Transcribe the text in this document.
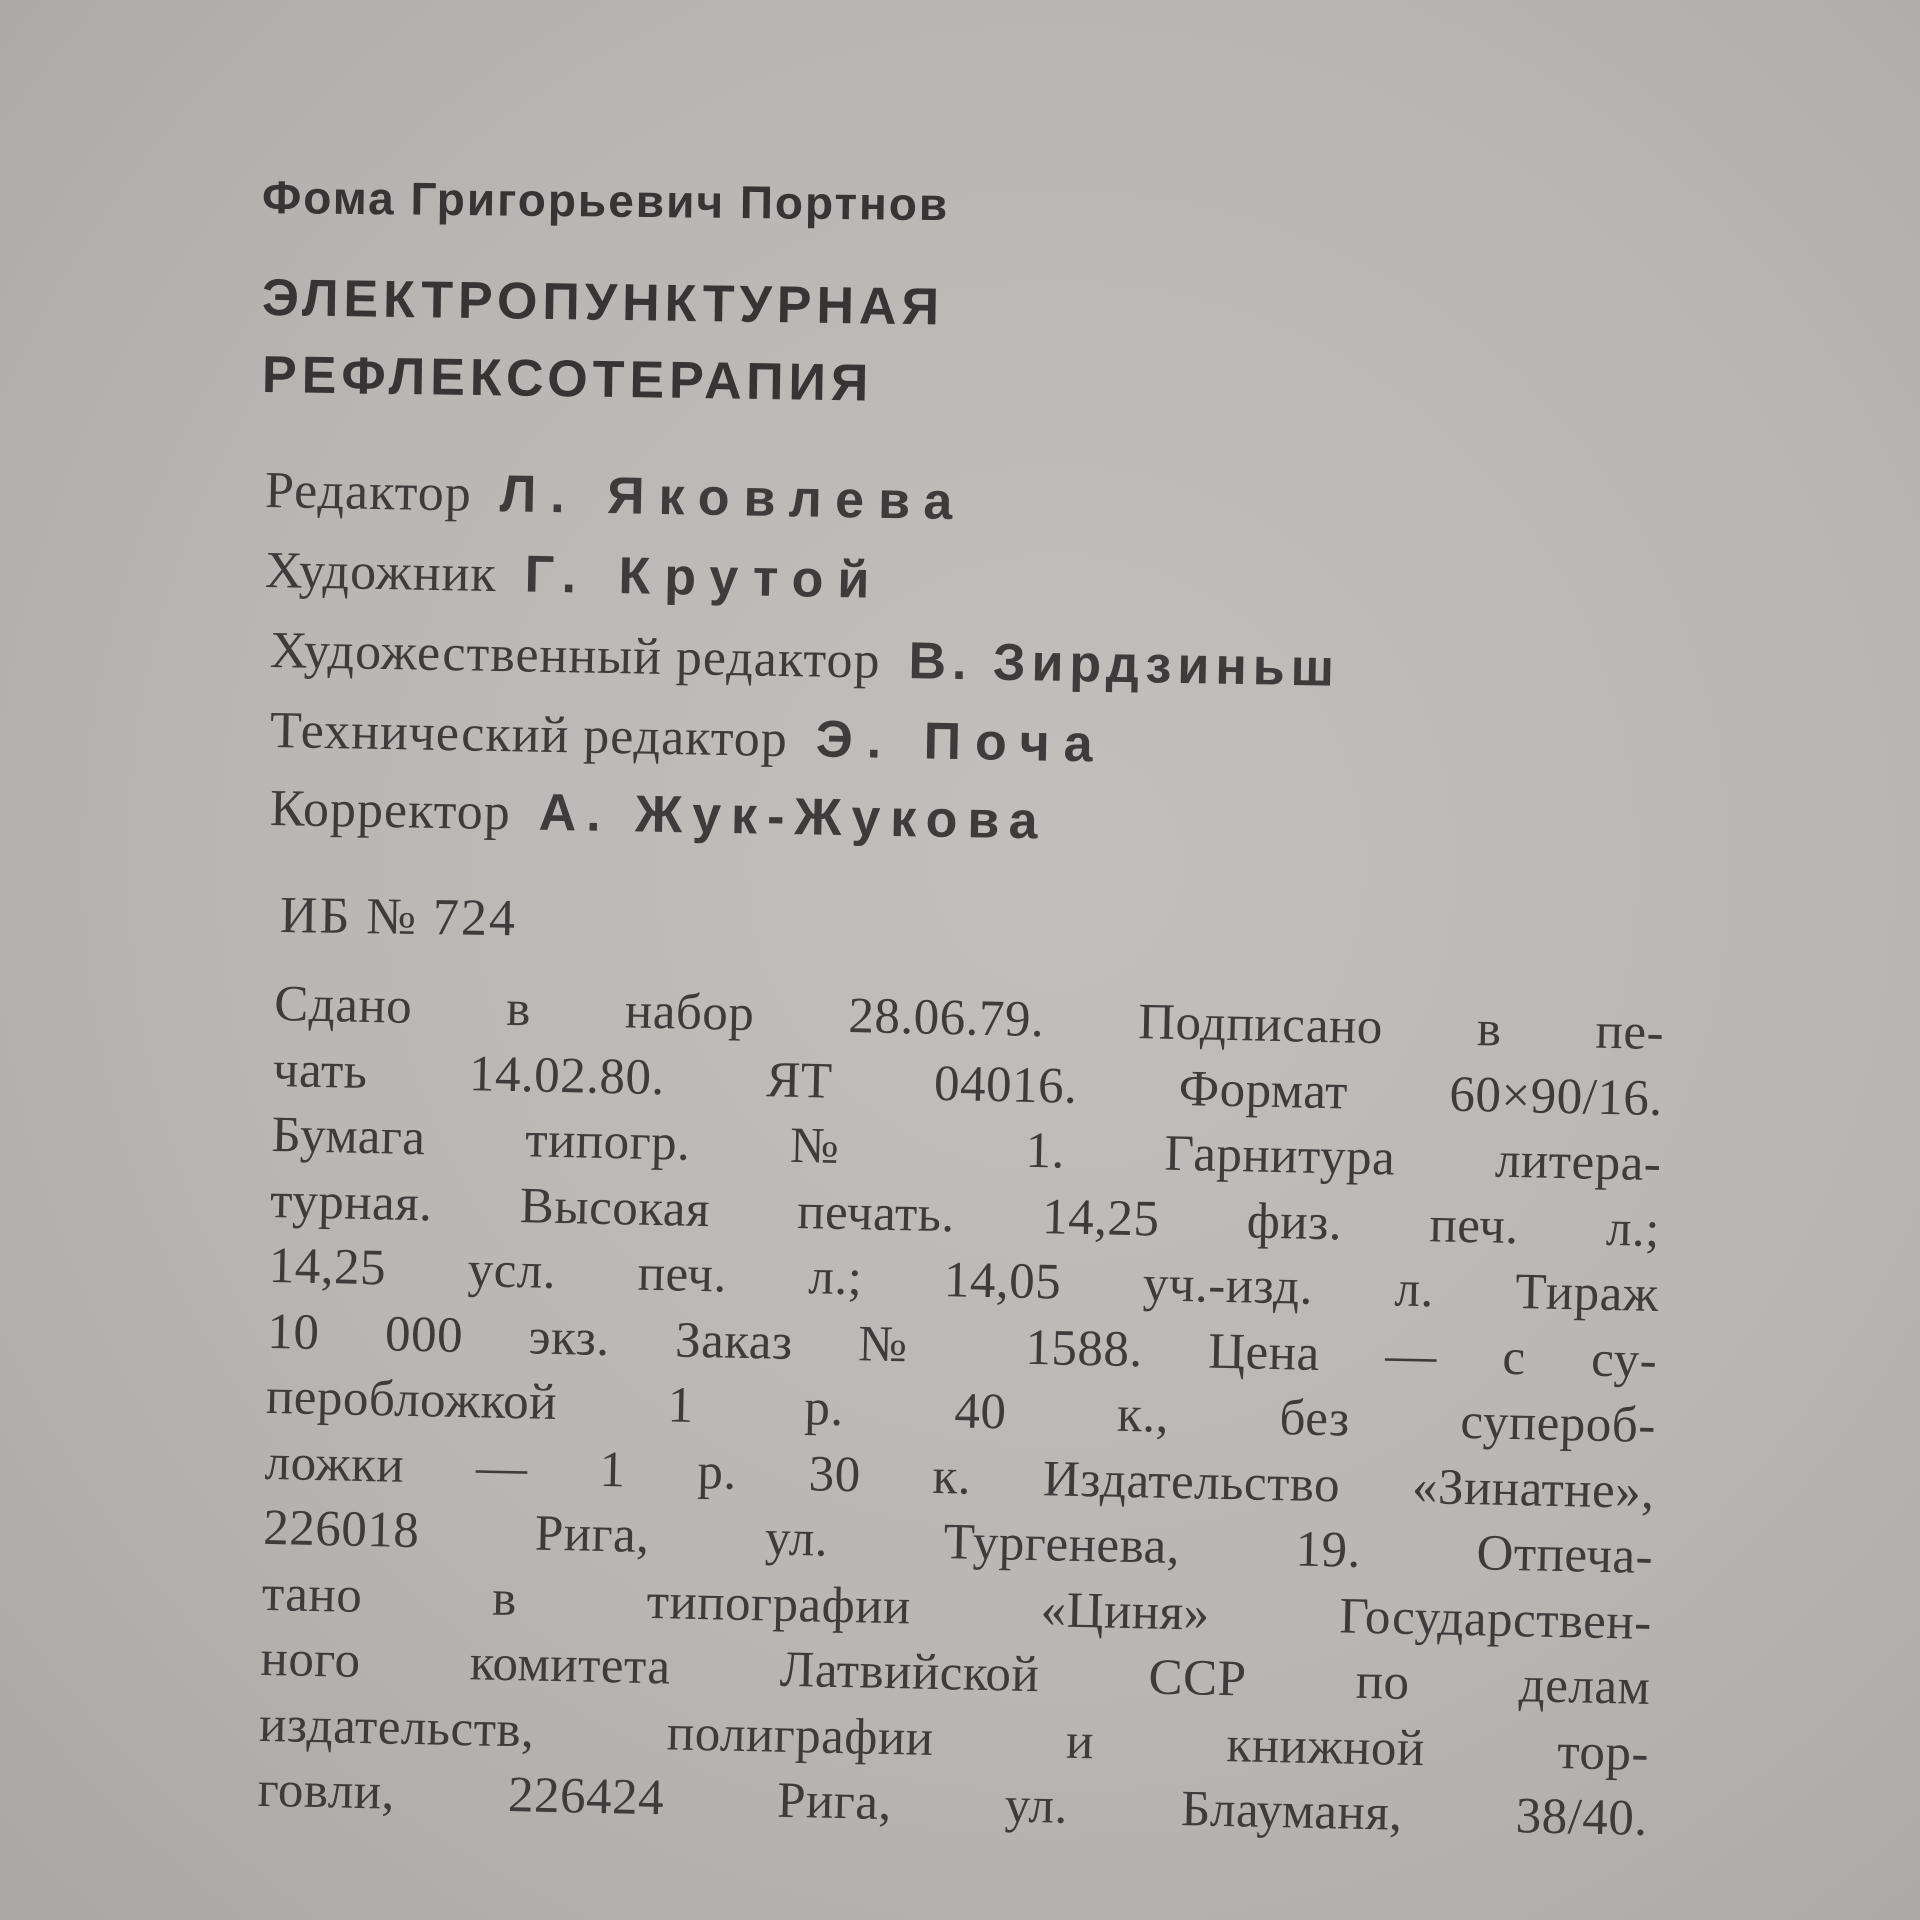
Фома Григорьевич Портнов

ЭЛЕКТРОПУНКТУРНАЯ

РЕФЛЕКСОТЕРАПИЯ

Редактор Л. Яковлева

Художник Г. Крутой

Художественный редактор В. Зирдзиньш

Технический редактор Э. Поча

Корректор А. Жук-Жукова

ИБ № 724

Сдано в набор 28.06.79. Подписано в пе-
чать 14.02.80. ЯТ 04016. Формат 60×90/16.
Бумага типогр. № 1. Гарнитура литера-
турная. Высокая печать. 14,25 физ. печ. л.;
14,25 усл. печ. л.; 14,05 уч.-изд. л. Тираж
10 000 экз. Заказ № 1588. Цена — с су-
перобложкой 1 р. 40 к., без супероб-
ложки — 1 р. 30 к. Издательство «Зинатне»,
226018 Рига, ул. Тургенева, 19. Отпеча-
тано в типографии «Циня» Государствен-
ного комитета Латвийской ССР по делам
издательств, полиграфии и книжной тор-
говли, 226424 Рига, ул. Блауманя, 38/40.
